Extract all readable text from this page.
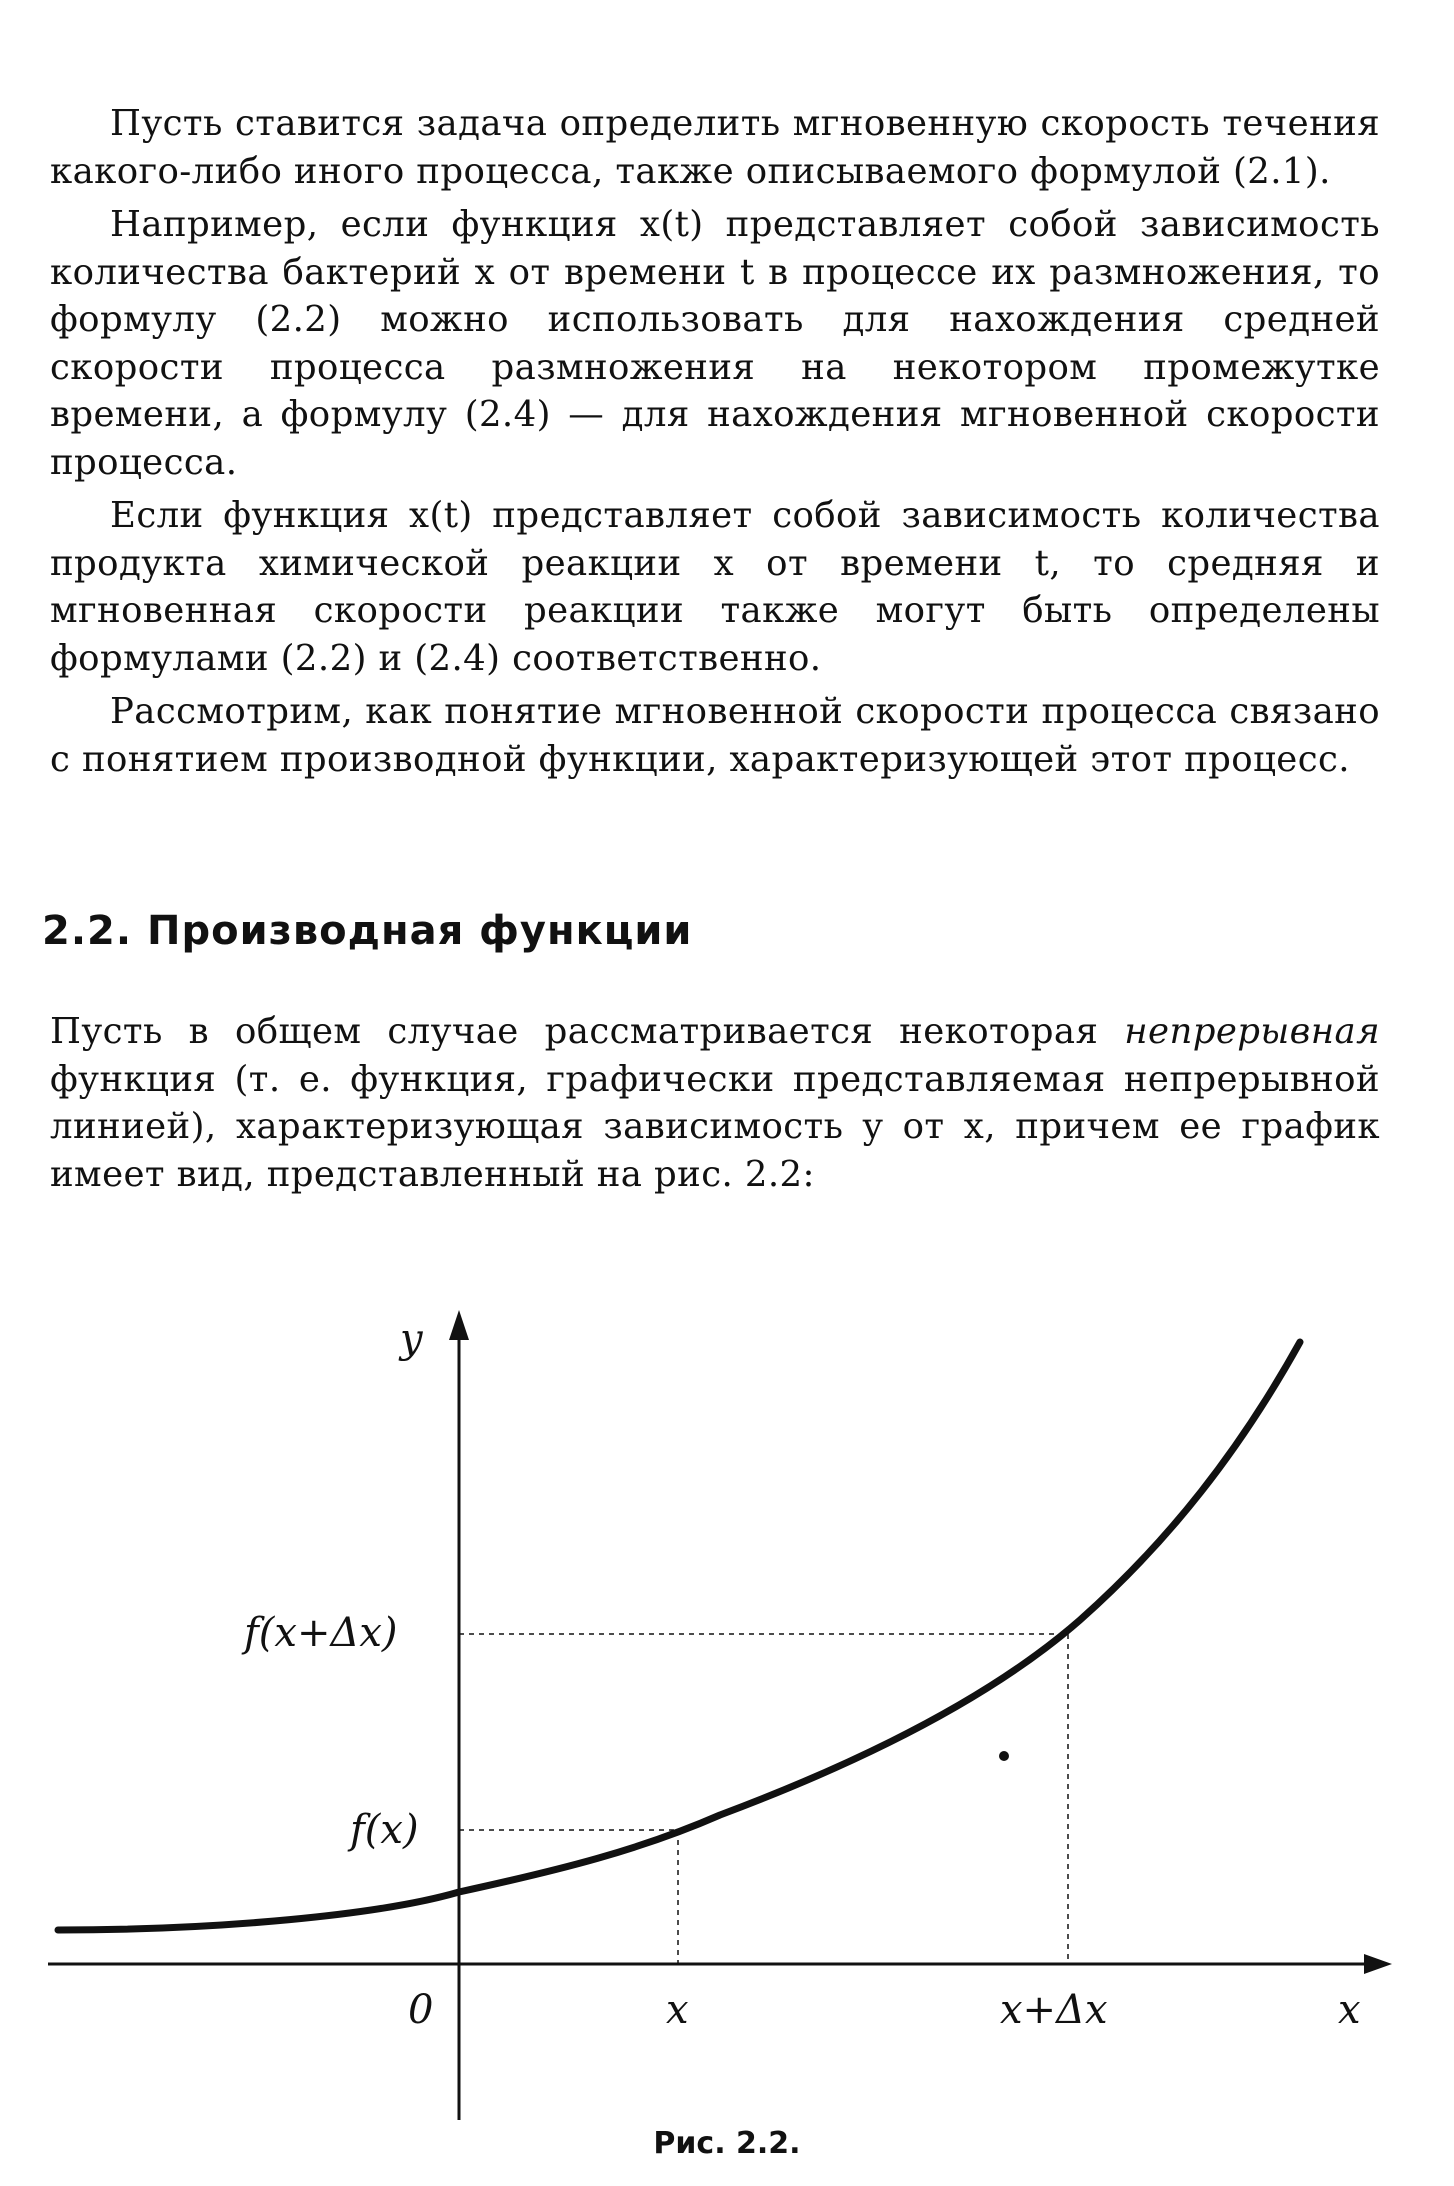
Пусть ставится задача определить мгновенную скорость течения какого-либо иного процесса, также описываемого формулой (2.1).

Например, если функция x(t) представляет собой зависимость количества бактерий x от времени t в процессе их размножения, то формулу (2.2) можно использовать для нахождения средней скорости процесса размножения на некотором промежутке времени, а формулу (2.4) — для нахождения мгновенной скорости процесса.

Если функция x(t) представляет собой зависимость количества продукта химической реакции x от времени t, то средняя и мгновенная скорости реакции также могут быть определены формулами (2.2) и (2.4) соответственно.

Рассмотрим, как понятие мгновенной скорости процесса связано с понятием производной функции, характеризующей этот процесс.

2.2. Производная функции

Пусть в общем случае рассматривается некоторая непрерывная функция (т. е. функция, графически представляемая непрерывной линией), характеризующая зависимость y от x, причем ее график имеет вид, представленный на рис. 2.2:

y
x
0	x	x+Δx
f(x+Δx)
f(x)
Рис. 2.2.
